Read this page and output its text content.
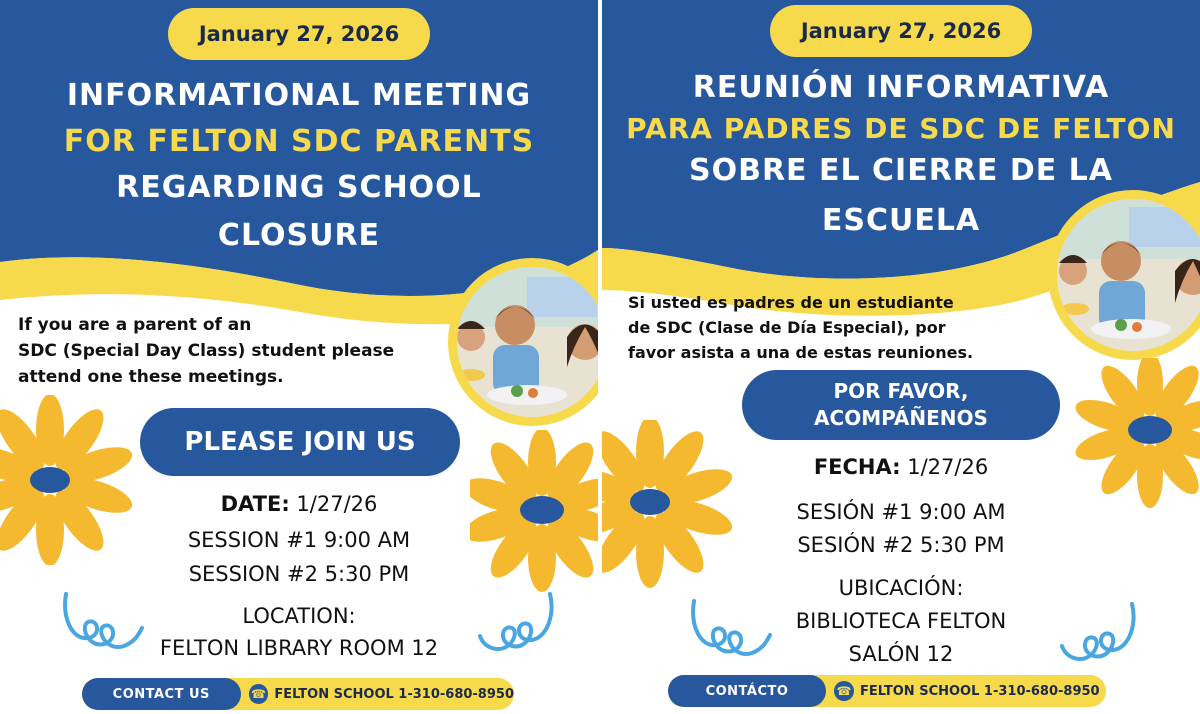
January 27, 2026
INFORMATIONAL MEETING
FOR FELTON SDC PARENTS
REGARDING SCHOOL
CLOSURE
If you are a parent of an
SDC (Special Day Class) student please
attend one these meetings.
PLEASE JOIN US
DATE: 1/27/26
SESSION #1 9:00 AM
SESSION #2 5:30 PM
LOCATION:
FELTON LIBRARY ROOM 12
CONTACT US	☎ FELTON SCHOOL 1-310-680-8950
January 27, 2026
REUNIÓN INFORMATIVA
PARA PADRES DE SDC DE FELTON
SOBRE EL CIERRE DE LA
ESCUELA
Si usted es padres de un estudiante
de SDC (Clase de Día Especial), por
favor asista a una de estas reuniones.
POR FAVOR,
ACOMPÁÑENOS
FECHA: 1/27/26
SESIÓN #1 9:00 AM
SESIÓN #2 5:30 PM
UBICACIÓN:
BIBLIOTECA FELTON
SALÓN 12
CONTÁCTO	☎ FELTON SCHOOL 1-310-680-8950
